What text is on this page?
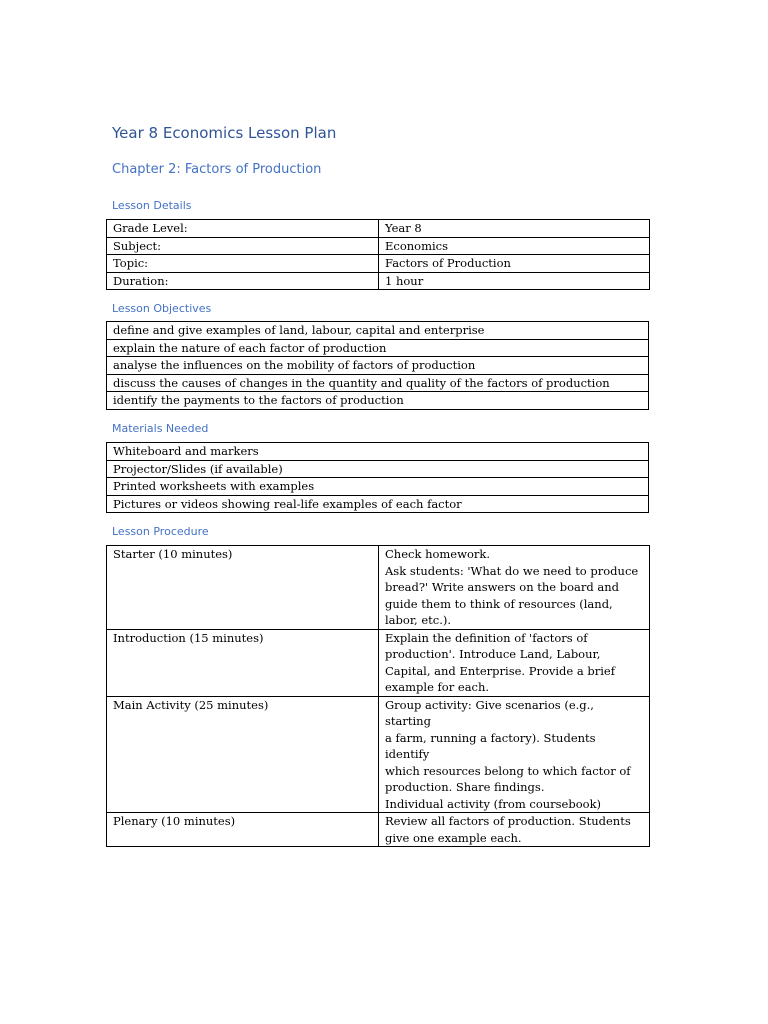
Year 8 Economics Lesson Plan
Chapter 2: Factors of Production
Lesson Details
Grade Level:	Year 8
Subject:	Economics
Topic:	Factors of Production
Duration:	1 hour
Lesson Objectives
define and give examples of land, labour, capital and enterprise
explain the nature of each factor of production
analyse the influences on the mobility of factors of production
discuss the causes of changes in the quantity and quality of the factors of production
identify the payments to the factors of production
Materials Needed
Whiteboard and markers
Projector/Slides (if available)
Printed worksheets with examples
Pictures or videos showing real-life examples of each factor
Lesson Procedure
Starter (10 minutes)	Check homework.
Ask students: 'What do we need to produce
bread?' Write answers on the board and
guide them to think of resources (land,
labor, etc.).
Introduction (15 minutes)	Explain the definition of 'factors of
production'. Introduce Land, Labour,
Capital, and Enterprise. Provide a brief
example for each.
Main Activity (25 minutes)	Group activity: Give scenarios (e.g., starting
a farm, running a factory). Students identify
which resources belong to which factor of
production. Share findings.
Individual activity (from coursebook)
Plenary (10 minutes)	Review all factors of production. Students
give one example each.
